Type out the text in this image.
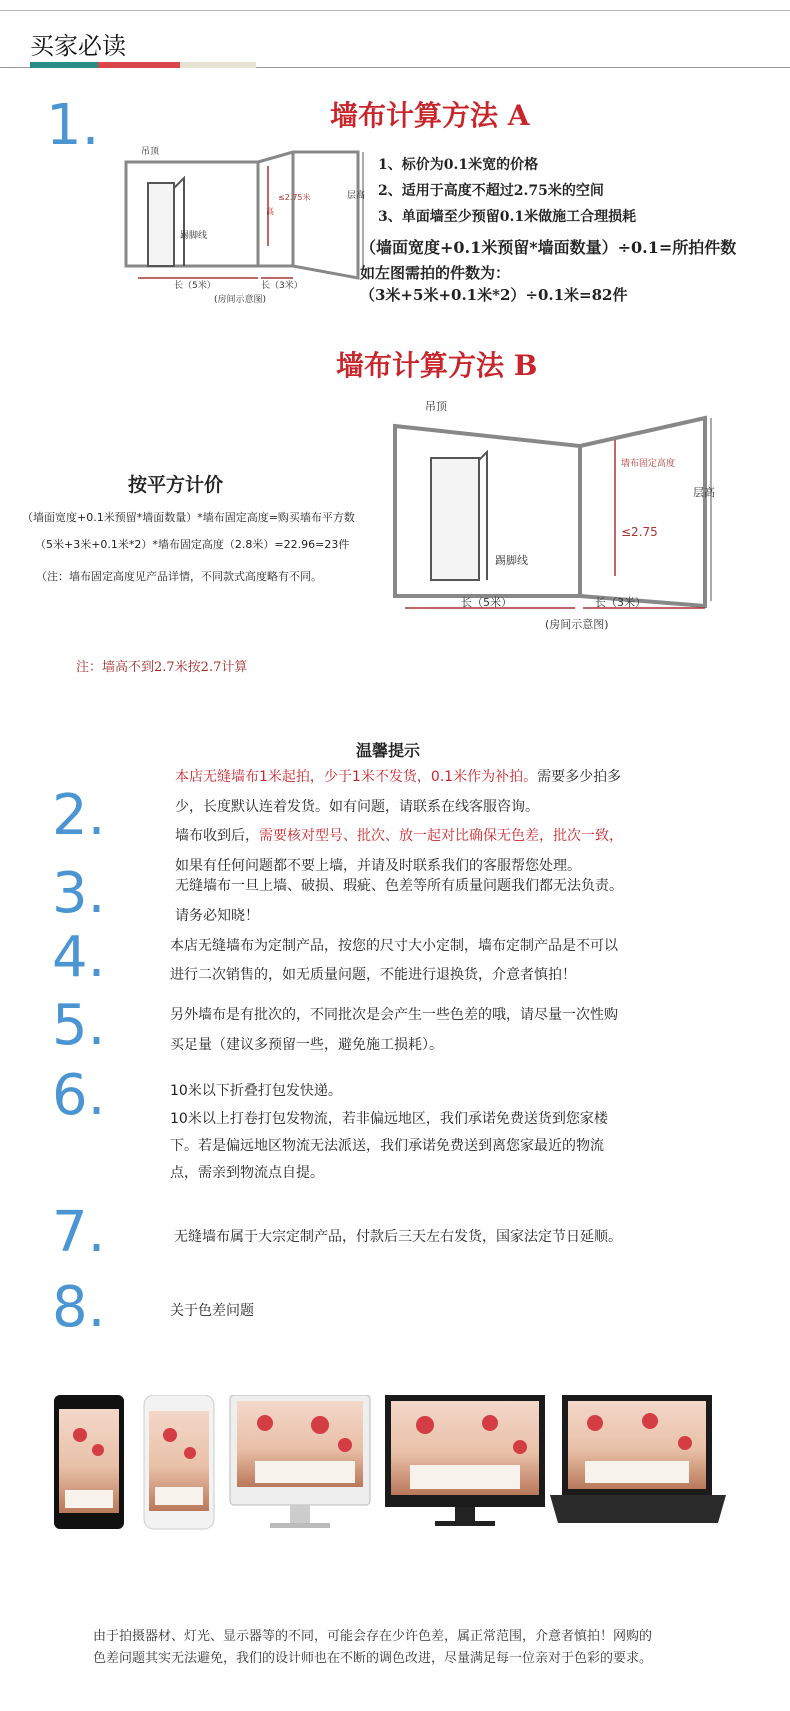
买家必读
1.	墙布计算方法 A
吊顶
≤2.75米
高
踢脚线
长（5米）	长（3米）
(房间示意图)
层高
1、标价为0.1米宽的价格
2、适用于高度不超过2.75米的空间
3、单面墙至少预留0.1米做施工合理损耗
（墙面宽度+0.1米预留*墙面数量）÷0.1=所拍件数
如左图需拍的件数为：
（3米+5米+0.1米*2）÷0.1米=82件
墙布计算方法 B
按平方计价
（墙面宽度+0.1米预留*墙面数量）*墙布固定高度=购买墙布平方数
（5米+3米+0.1米*2）*墙布固定高度（2.8米）=22.96=23件
（注：墙布固定高度见产品详情，不同款式高度略有不同。
吊顶
墙布固定高度
≤2.75
踢脚线
长（5米）	长（3米）
(房间示意图)
层高
注：墙高不到2.7米按2.7计算
温馨提示
2.
本店无缝墙布1米起拍，少于1米不发货，0.1米作为补拍。需要多少拍多
少，长度默认连着发货。如有问题，请联系在线客服咨询。
墙布收到后，需要核对型号、批次、放一起对比确保无色差，批次一致，
如果有任何问题都不要上墙，并请及时联系我们的客服帮您处理。
3.	无缝墙布一旦上墙、破损、瑕疵、色差等所有质量问题我们都无法负责。
请务必知晓！
4.	本店无缝墙布为定制产品，按您的尺寸大小定制，墙布定制产品是不可以
进行二次销售的，如无质量问题，不能进行退换货，介意者慎拍！
5.	另外墙布是有批次的，不同批次是会产生一些色差的哦，请尽量一次性购
买足量（建议多预留一些，避免施工损耗）。
6.	10米以下折叠打包发快递。
10米以上打卷打包发物流，若非偏远地区，我们承诺免费送货到您家楼
下。若是偏远地区物流无法派送，我们承诺免费送到离您家最近的物流
点，需亲到物流点自提。
7.	无缝墙布属于大宗定制产品，付款后三天左右发货，国家法定节日延顺。
8.	关于色差问题
由于拍摄器材、灯光、显示器等的不同，可能会存在少许色差，属正常范围，介意者慎拍！网购的
色差问题其实无法避免，我们的设计师也在不断的调色改进，尽量满足每一位亲对于色彩的要求。
